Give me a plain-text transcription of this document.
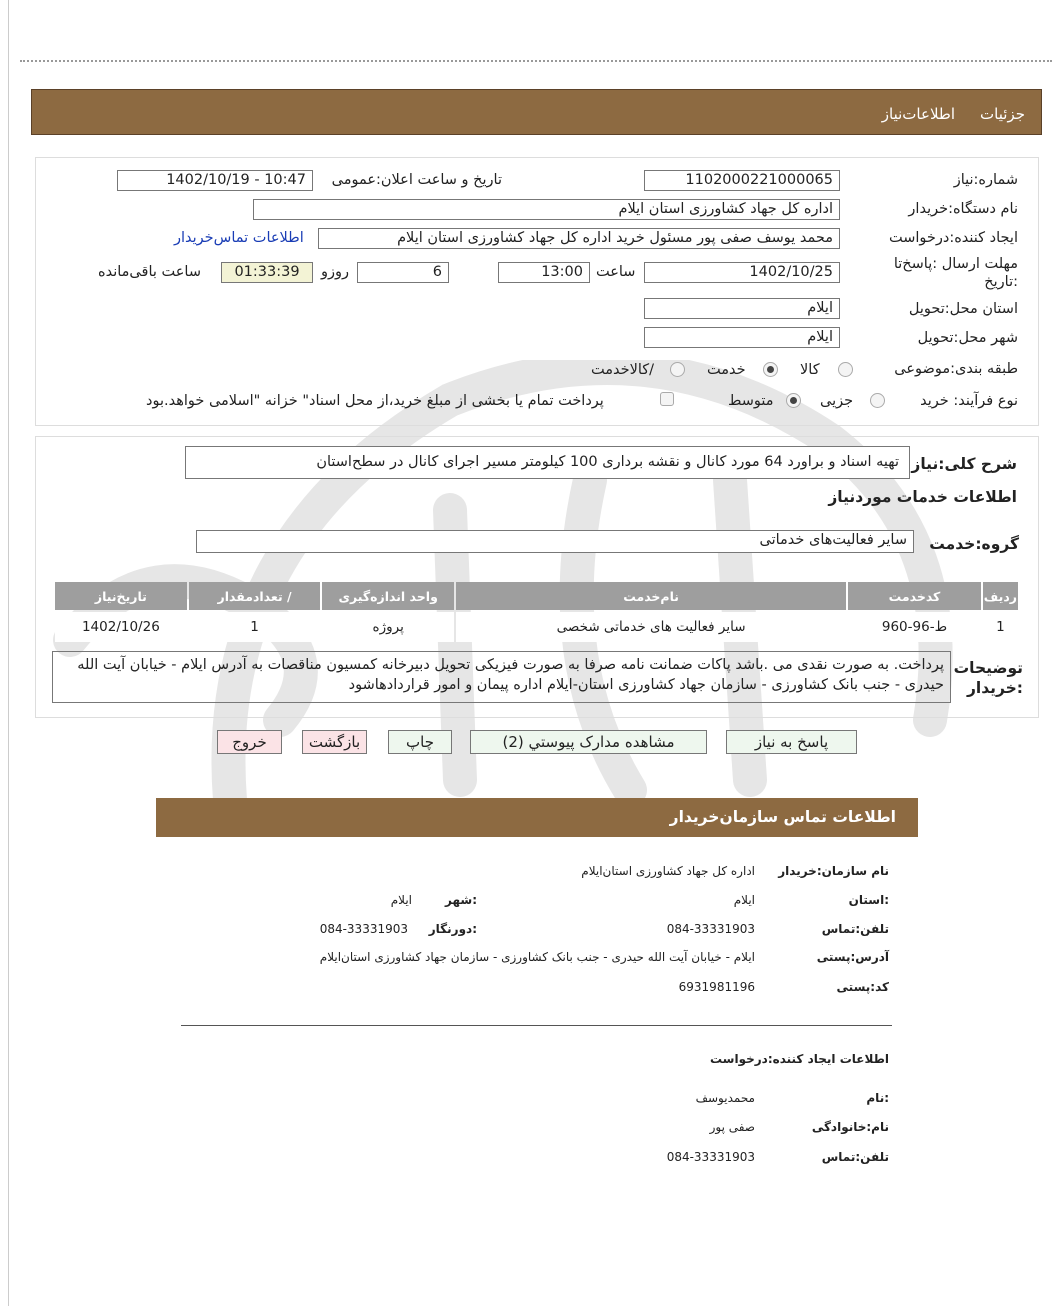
جزئیات
اطلاعات‌نیاز
شماره:نیاز
1102000221000065
تاریخ و ساعت اعلان:عمومی
1402/10/19 - 10:47
نام دستگاه:خریدار
اداره کل جهاد کشاورزی استان ایلام
ایجاد کننده:درخواست
محمد یوسف صفی پور مسئول خرید اداره کل جهاد کشاورزی استان ایلام
اطلاعات تماس‌خریدار
مهلت ارسال :پاسخ‌تا
:تاریخ
1402/10/25
ساعت
13:00
6
روزو
01:33:39
ساعت باقی‌مانده
استان محل:تحویل
ایلام
شهر محل:تحویل
ایلام
طبقه بندی:موضوعی
کالا
خدمت
/کالاخدمت
نوع فرآیند: خرید
جزیی
متوسط
پرداخت تمام یا بخشی از مبلغ خرید،از محل اسناد" خزانه "اسلامی خواهد.بود
شرح کلی:نیاز
تهیه اسناد و براورد 64 مورد کانال و نقشه برداری 100 کیلومتر مسیر اجرای کانال در سطح‌استان
اطلاعات خدمات موردنیاز
گروه:خدمت
سایر فعالیت‌های خدماتی
ردیف	کدخدمت	نام‌خدمت	واحد اندازه‌گیری	/ تعدادمقدار	تاریخ‌نیاز
1	ط-96-960	سایر فعالیت های خدماتی شخصی	پروژه	1	1402/10/26
توضیحات
:خریدار
پرداخت. به صورت نقدی می .باشد پاکات ضمانت نامه صرفا به صورت فیزیکی تحویل دبیرخانه کمسیون مناقصات به آدرس ایلام - خیابان آیت الله حیدری - جنب بانک کشاورزی - سازمان جهاد کشاورزی استان-ایلام اداره پیمان و امور قراردادهاشود
پاسخ به نیاز
مشاهده مدارک پیوستي (2)
چاپ
بازگشت
خروج
اطلاعات تماس سازمان‌خریدار
نام سازمان:خریدار
اداره کل جهاد کشاورزی استان‌ایلام
:استان
ایلام
:شهر
ایلام
تلفن:تماس
084-33331903
:دورنگار
084-33331903
آدرس:پستی
ایلام - خیابان آیت الله حیدری - جنب بانک کشاورزی - سازمان جهاد کشاورزی استان‌ایلام
کد:پستی
6931981196
اطلاعات ایجاد کننده:درخواست
:نام
محمدیوسف
نام:خانوادگی
صفی پور
تلفن:تماس
084-33331903
